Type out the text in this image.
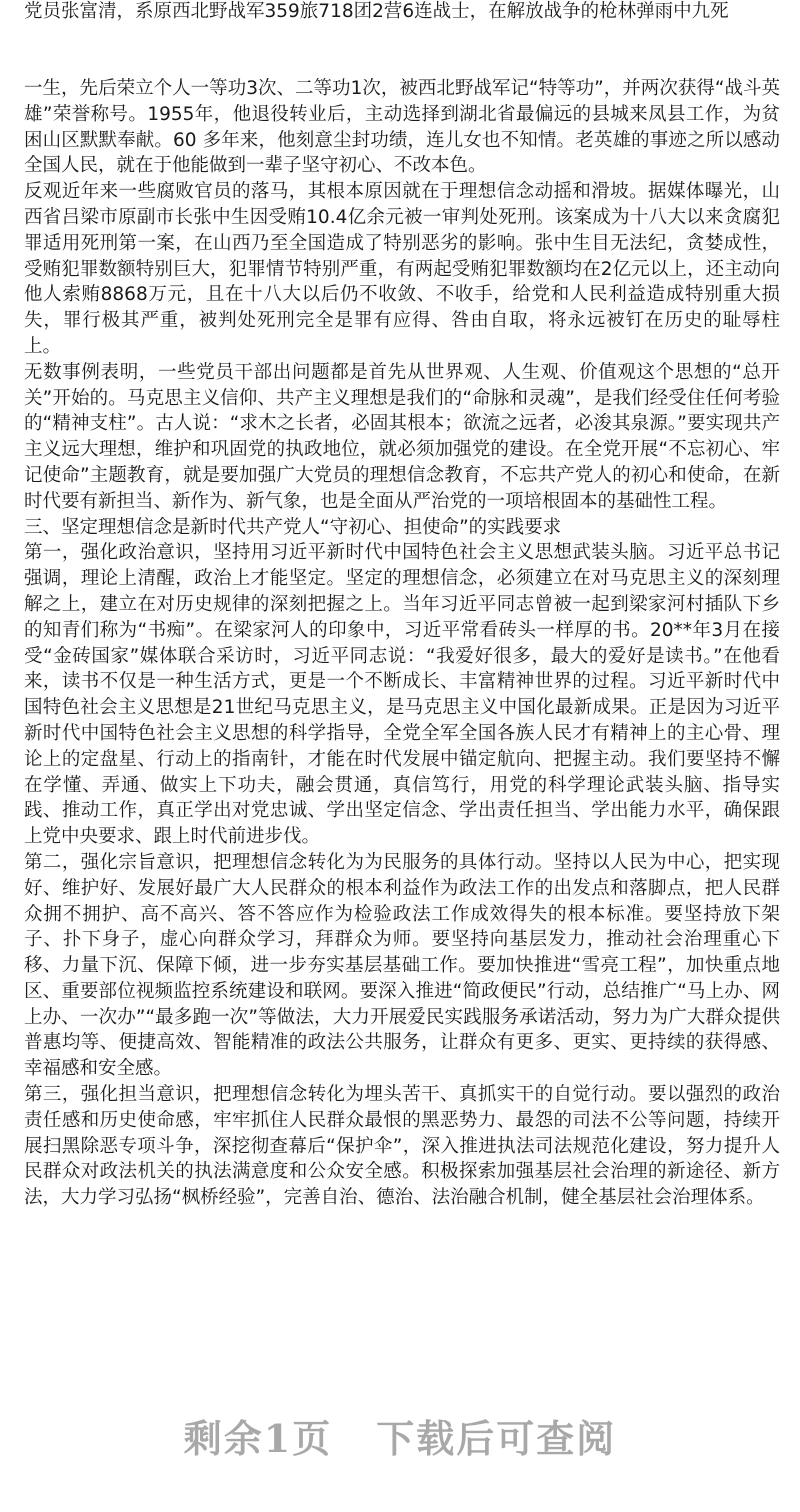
党员张富清，系原西北野战军359旅718团2营6连战士，在解放战争的枪林弹雨中九死

一生，先后荣立个人一等功3次、二等功1次，被西北野战军记“特等功”，并两次获得“战斗英雄”荣誉称号。1955年，他退役转业后，主动选择到湖北省最偏远的县城来凤县工作，为贫困山区默默奉献。60 多年来，他刻意尘封功绩，连儿女也不知情。老英雄的事迹之所以感动全国人民，就在于他能做到一辈子坚守初心、不改本色。

反观近年来一些腐败官员的落马，其根本原因就在于理想信念动摇和滑坡。据媒体曝光，山西省吕梁市原副市长张中生因受贿10.4亿余元被一审判处死刑。该案成为十八大以来贪腐犯罪适用死刑第一案，在山西乃至全国造成了特别恶劣的影响。张中生目无法纪，贪婪成性，受贿犯罪数额特别巨大，犯罪情节特别严重，有两起受贿犯罪数额均在2亿元以上，还主动向他人索贿8868万元，且在十八大以后仍不收敛、不收手，给党和人民利益造成特别重大损失，罪行极其严重，被判处死刑完全是罪有应得、咎由自取，将永远被钉在历史的耻辱柱上。

无数事例表明，一些党员干部出问题都是首先从世界观、人生观、价值观这个思想的“总开关”开始的。马克思主义信仰、共产主义理想是我们的“命脉和灵魂”，是我们经受住任何考验的“精神支柱”。古人说：“求木之长者，必固其根本；欲流之远者，必浚其泉源。”要实现共产主义远大理想，维护和巩固党的执政地位，就必须加强党的建设。在全党开展“不忘初心、牢记使命”主题教育，就是要加强广大党员的理想信念教育，不忘共产党人的初心和使命，在新时代要有新担当、新作为、新气象，也是全面从严治党的一项培根固本的基础性工程。

三、坚定理想信念是新时代共产党人“守初心、担使命”的实践要求

第一，强化政治意识，坚持用习近平新时代中国特色社会主义思想武装头脑。习近平总书记强调，理论上清醒，政治上才能坚定。坚定的理想信念，必须建立在对马克思主义的深刻理解之上，建立在对历史规律的深刻把握之上。当年习近平同志曾被一起到梁家河村插队下乡的知青们称为“书痴”。在梁家河人的印象中，习近平常看砖头一样厚的书。20**年3月在接受“金砖国家”媒体联合采访时，习近平同志说：“我爱好很多，最大的爱好是读书。”在他看来，读书不仅是一种生活方式，更是一个不断成长、丰富精神世界的过程。习近平新时代中国特色社会主义思想是21世纪马克思主义，是马克思主义中国化最新成果。正是因为习近平新时代中国特色社会主义思想的科学指导，全党全军全国各族人民才有精神上的主心骨、理论上的定盘星、行动上的指南针，才能在时代发展中锚定航向、把握主动。我们要坚持不懈在学懂、弄通、做实上下功夫，融会贯通，真信笃行，用党的科学理论武装头脑、指导实践、推动工作，真正学出对党忠诚、学出坚定信念、学出责任担当、学出能力水平，确保跟上党中央要求、跟上时代前进步伐。

第二，强化宗旨意识，把理想信念转化为为民服务的具体行动。坚持以人民为中心，把实现好、维护好、发展好最广大人民群众的根本利益作为政法工作的出发点和落脚点，把人民群众拥不拥护、高不高兴、答不答应作为检验政法工作成效得失的根本标准。要坚持放下架子、扑下身子，虚心向群众学习，拜群众为师。要坚持向基层发力，推动社会治理重心下移、力量下沉、保障下倾，进一步夯实基层基础工作。要加快推进“雪亮工程”，加快重点地区、重要部位视频监控系统建设和联网。要深入推进“简政便民”行动，总结推广“马上办、网上办、一次办”“最多跑一次”等做法，大力开展爱民实践服务承诺活动，努力为广大群众提供普惠均等、便捷高效、智能精准的政法公共服务，让群众有更多、更实、更持续的获得感、幸福感和安全感。

第三，强化担当意识，把理想信念转化为埋头苦干、真抓实干的自觉行动。要以强烈的政治责任感和历史使命感，牢牢抓住人民群众最恨的黑恶势力、最怨的司法不公等问题，持续开展扫黑除恶专项斗争，深挖彻查幕后“保护伞”，深入推进执法司法规范化建设，努力提升人民群众对政法机关的执法满意度和公众安全感。积极探索加强基层社会治理的新途径、新方法，大力学习弘扬“枫桥经验”，完善自治、德治、法治融合机制，健全基层社会治理体系。

剩余1页 下载后可查阅
